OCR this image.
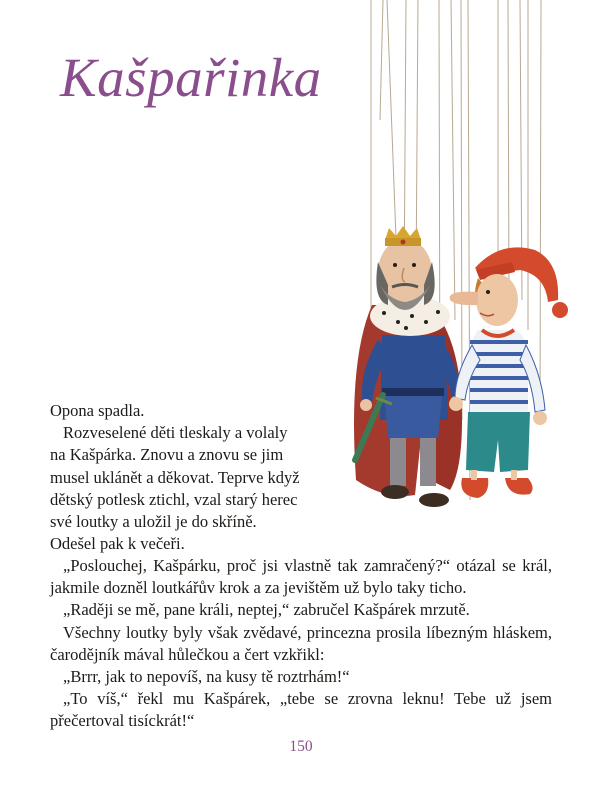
Kašpařinka

Opona spadla.

Rozveselené děti tleskaly a volaly na Kašpárka. Znovu a znovu se jim musel uklánět a děkovat. Teprve když dětský potlesk ztichl, vzal starý herec své loutky a uložil je do skříně.

Odešel pak k večeři.

„Poslouchej, Kašpárku, proč jsi vlastně tak zamračený?“ otázal se král, jakmile dozněl loutkářův krok a za jevištěm už bylo taky ticho.

„Raději se mě, pane králi, neptej,“ zabručel Kašpárek mrzutě.

Všechny loutky byly však zvědavé, princezna prosila líbezným hláskem, čarodějník mával hůlečkou a čert vzkřikl:

„Brrr, jak to nepovíš, na kusy tě roztrhám!“

„To víš,“ řekl mu Kašpárek, „tebe se zrovna leknu! Tebe už jsem přečertoval tisíckrát!“

150
